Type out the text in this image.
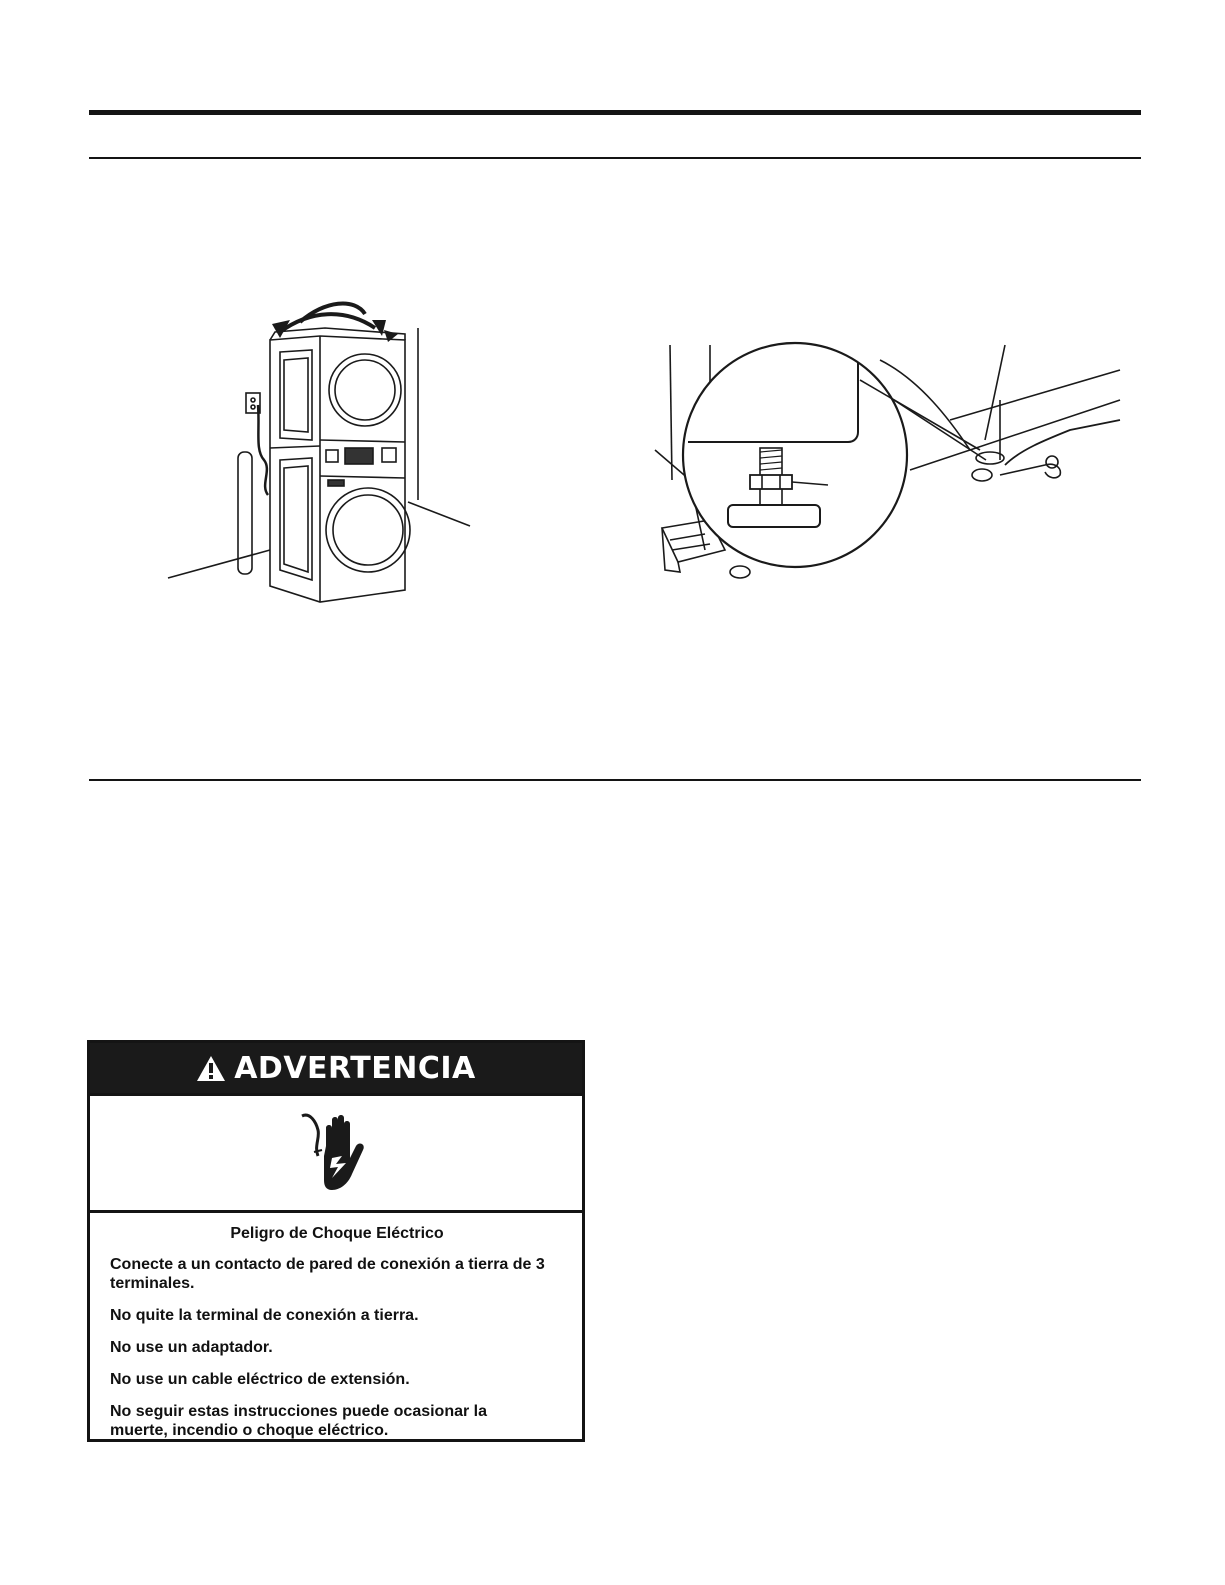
ADVERTENCIA
Peligro de Choque Eléctrico
Conecte a un contacto de pared de conexión a tierra de 3 terminales.
No quite la terminal de conexión a tierra.
No use un adaptador.
No use un cable eléctrico de extensión.
No seguir estas instrucciones puede ocasionar la muerte, incendio o choque eléctrico.
